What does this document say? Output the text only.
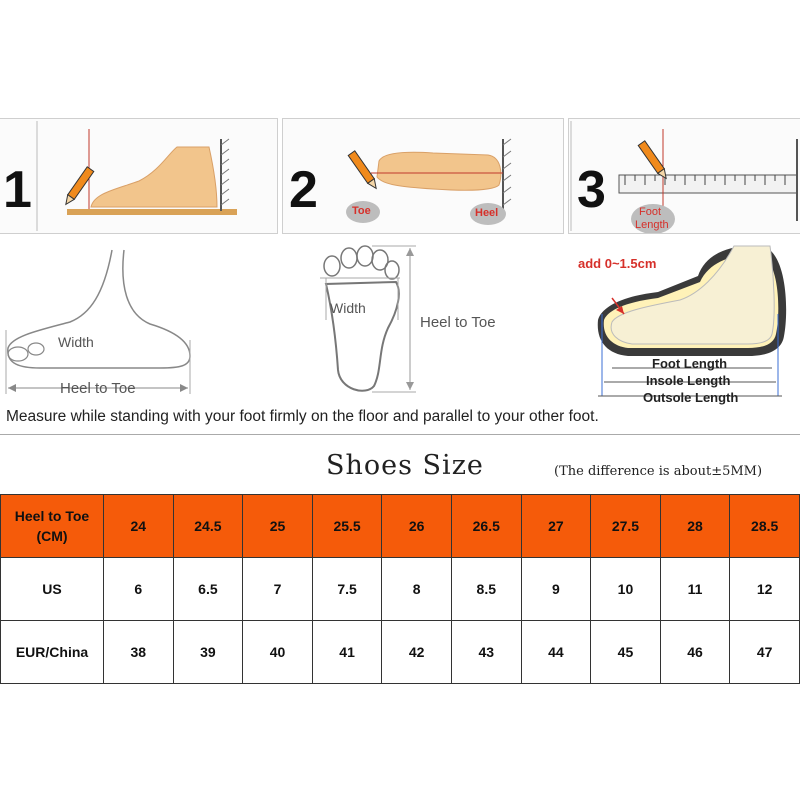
1	2	Toe	Heel 3	Foot
Length
Width
Heel to Toe
Width
Heel to Toe
add 0~1.5cm
Foot Length
Insole Length
Outsole Length
Measure while standing with your foot firmly on the floor and parallel to your other foot.
Shoes Size	(The difference is about±5MM)
Heel to Toe
(CM)	24	24.5	25	25.5	26	26.5	27	27.5	28	28.5
US	6	6.5	7	7.5	8	8.5	9	10	11	12
EUR/China	38	39	40	41	42	43	44	45	46	47
